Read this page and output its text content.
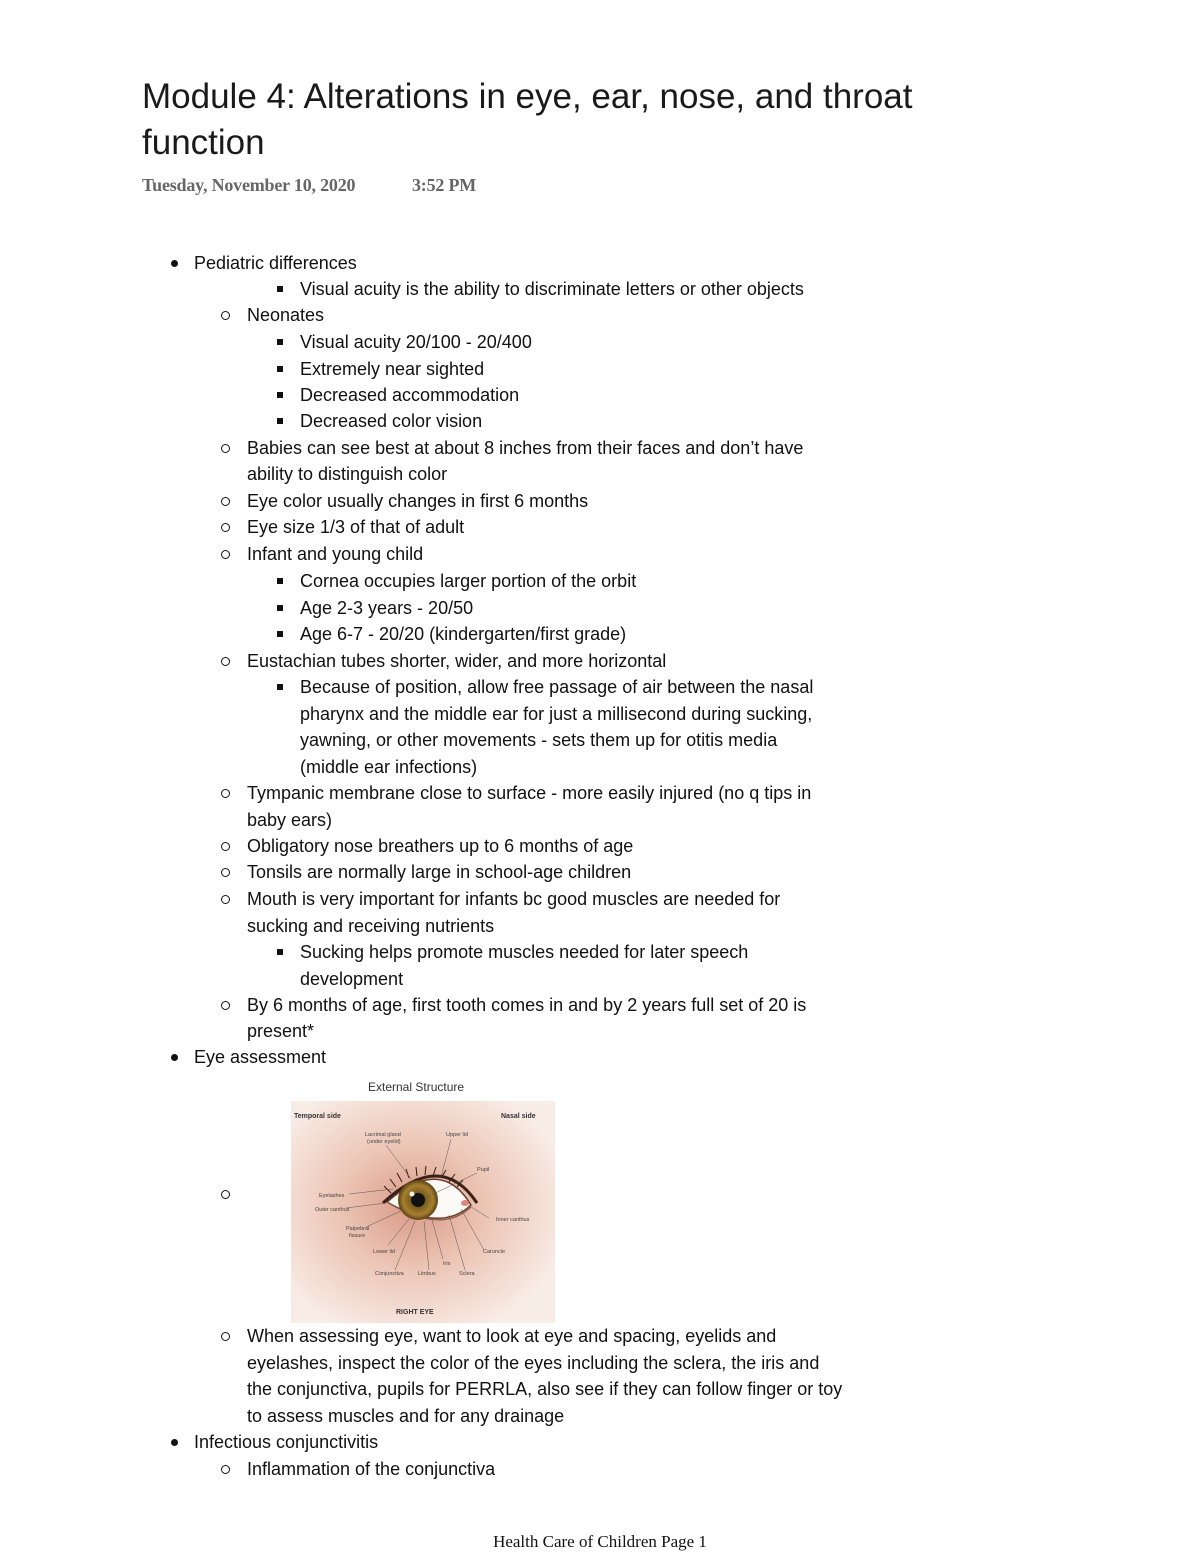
Module 4: Alterations in eye, ear, nose, and throat function
Tuesday, November 10, 2020	3:52 PM
Pediatric differences
Visual acuity is the ability to discriminate letters or other objects
Neonates
Visual acuity 20/100 - 20/400
Extremely near sighted
Decreased accommodation
Decreased color vision
Babies can see best at about 8 inches from their faces and don’t have
ability to distinguish color
Eye color usually changes in first 6 months
Eye size 1/3 of that of adult
Infant and young child
Cornea occupies larger portion of the orbit
Age 2-3 years - 20/50
Age 6-7 - 20/20 (kindergarten/first grade)
Eustachian tubes shorter, wider, and more horizontal
Because of position, allow free passage of air between the nasal
pharynx and the middle ear for just a millisecond during sucking,
yawning, or other movements - sets them up for otitis media
(middle ear infections)
Tympanic membrane close to surface - more easily injured (no q tips in
baby ears)
Obligatory nose breathers up to 6 months of age
Tonsils are normally large in school-age children
Mouth is very important for infants bc good muscles are needed for
sucking and receiving nutrients
Sucking helps promote muscles needed for later speech
development
By 6 months of age, first tooth comes in and by 2 years full set of 20 is
present*
Eye assessment
External Structure
Temporal side	Nasal side
Lacrimal gland
(under eyelid)
Upper lid
Pupil
Eyelashes
Outer canthus
Inner canthus
Palpebral
fissure
Caruncle
Lower lid
Iris
Conjunctiva	Limbus	Sclera
RIGHT EYE
When assessing eye, want to look at eye and spacing, eyelids and
eyelashes, inspect the color of the eyes including the sclera, the iris and
the conjunctiva, pupils for PERRLA, also see if they can follow finger or toy
to assess muscles and for any drainage
Infectious conjunctivitis
Inflammation of the conjunctiva
Health Care of Children Page 1
